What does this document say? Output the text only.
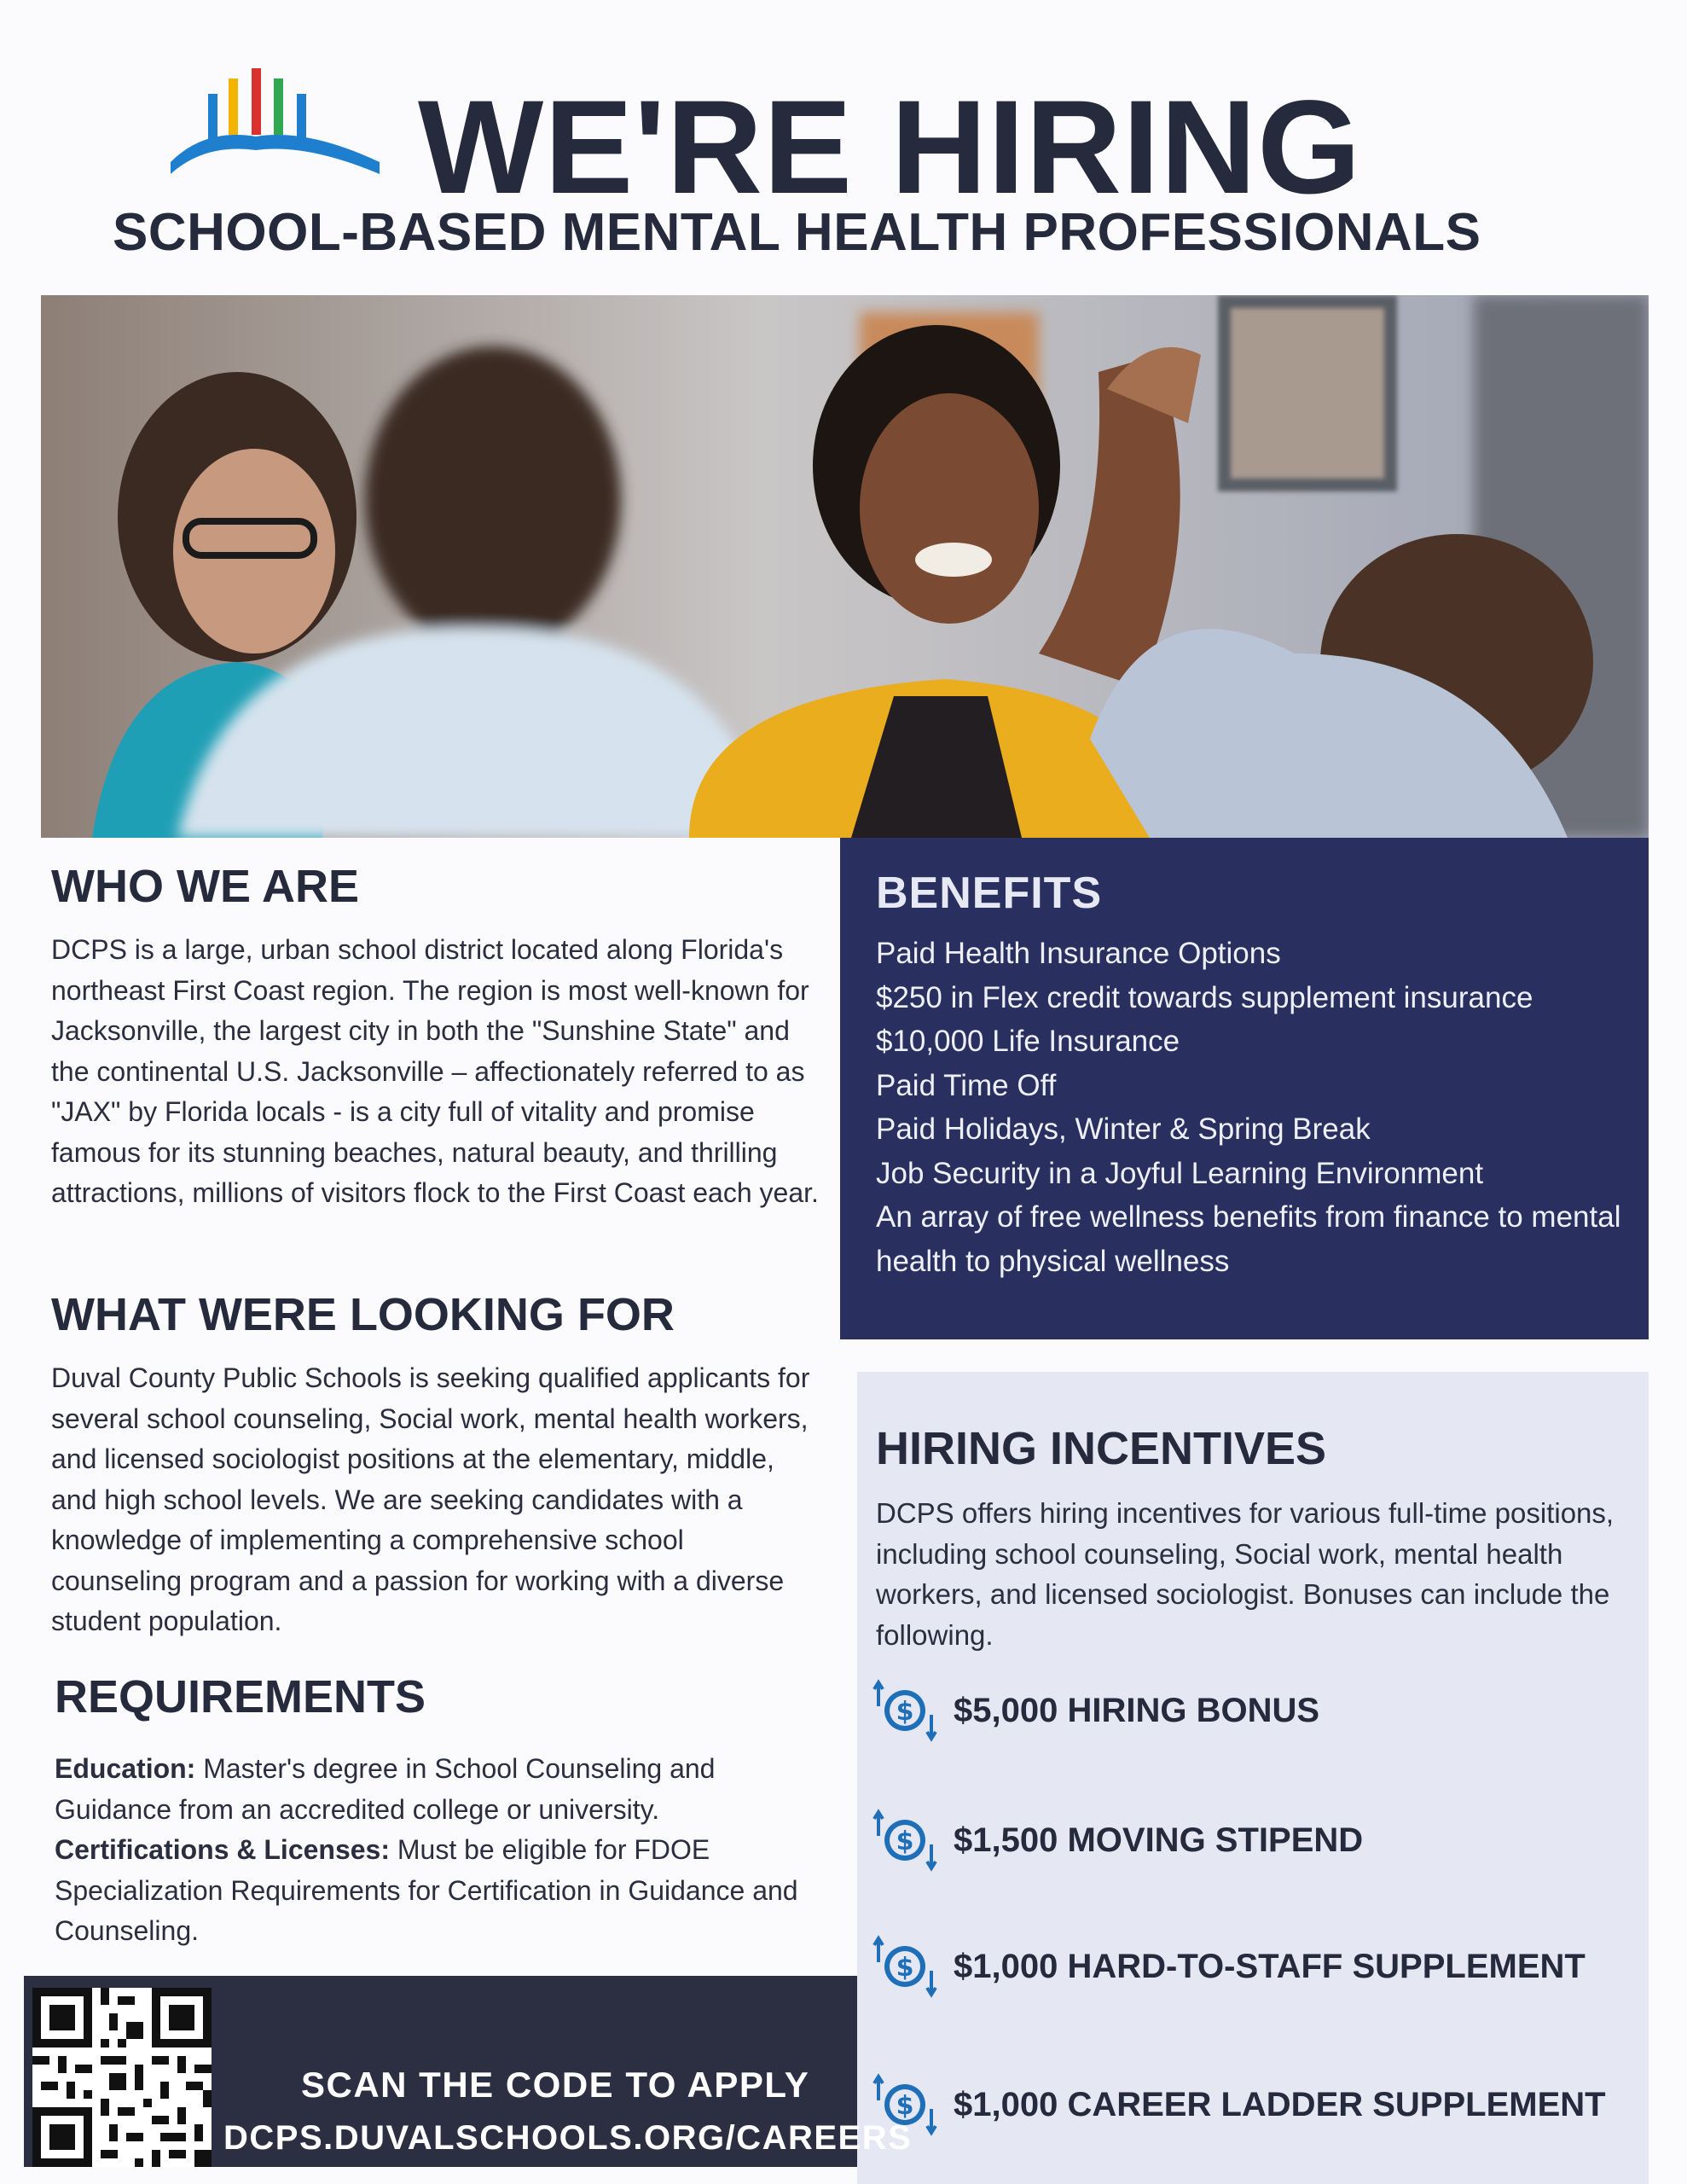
WE'RE HIRING
SCHOOL-BASED MENTAL HEALTH PROFESSIONALS
WHO WE ARE
DCPS is a large, urban school district located along Florida's northeast First Coast region. The region is most well-known for Jacksonville, the largest city in both the "Sunshine State" and the continental U.S. Jacksonville – affectionately referred to as "JAX" by Florida locals - is a city full of vitality and promise famous for its stunning beaches, natural beauty, and thrilling attractions, millions of visitors flock to the First Coast each year.
WHAT WERE LOOKING FOR
Duval County Public Schools is seeking qualified applicants for several school counseling, Social work, mental health workers, and licensed sociologist positions at the elementary, middle, and high school levels. We are seeking candidates with a knowledge of implementing a comprehensive school counseling program and a passion for working with a diverse student population.
REQUIREMENTS
Education: Master's degree in School Counseling and Guidance from an accredited college or university.
Certifications & Licenses: Must be eligible for FDOE Specialization Requirements for Certification in Guidance and Counseling.
BENEFITS
Paid Health Insurance Options
$250 in Flex credit towards supplement insurance
$10,000 Life Insurance
Paid Time Off
Paid Holidays, Winter & Spring Break
Job Security in a Joyful Learning Environment
An array of free wellness benefits from finance to mental health to physical wellness
HIRING INCENTIVES
DCPS offers hiring incentives for various full-time positions, including school counseling, Social work, mental health workers, and licensed sociologist. Bonuses can include the following.
$ $5,000 HIRING BONUS
$ $1,500 MOVING STIPEND
$ $1,000 HARD-TO-STAFF SUPPLEMENT
$ $1,000 CAREER LADDER SUPPLEMENT
SCAN THE CODE TO APPLY
DCPS.DUVALSCHOOLS.ORG/CAREERS
